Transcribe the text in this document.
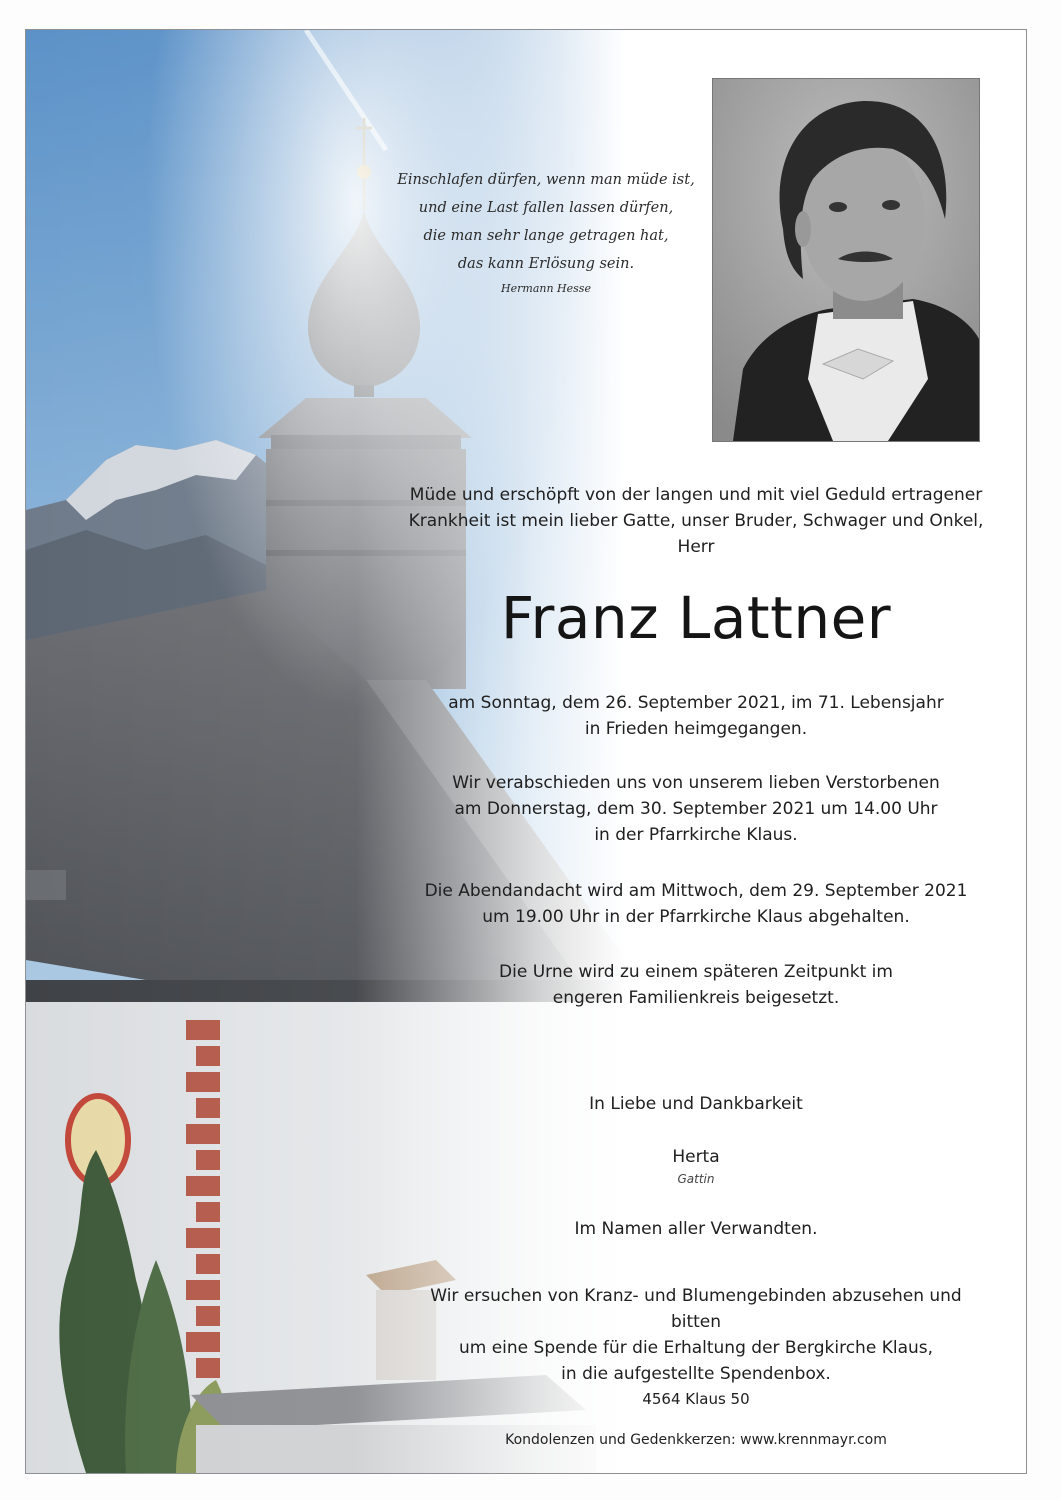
Einschlafen dürfen, wenn man müde ist,
und eine Last fallen lassen dürfen,
die man sehr lange getragen hat,
das kann Erlösung sein.
Hermann Hesse
Müde und erschöpft von der langen und mit viel Geduld ertragener
Krankheit ist mein lieber Gatte, unser Bruder, Schwager und Onkel,
Herr
Franz Lattner
am Sonntag, dem 26. September 2021, im 71. Lebensjahr
in Frieden heimgegangen.
Wir verabschieden uns von unserem lieben Verstorbenen
am Donnerstag, dem 30. September 2021 um 14.00 Uhr
in der Pfarrkirche Klaus.
Die Abendandacht wird am Mittwoch, dem 29. September 2021
um 19.00 Uhr in der Pfarrkirche Klaus abgehalten.
Die Urne wird zu einem späteren Zeitpunkt im
engeren Familienkreis beigesetzt.
In Liebe und Dankbarkeit
Herta
Gattin
Im Namen aller Verwandten.
Wir ersuchen von Kranz- und Blumengebinden abzusehen und bitten
um eine Spende für die Erhaltung der Bergkirche Klaus,
in die aufgestellte Spendenbox.
4564 Klaus 50
Kondolenzen und Gedenkkerzen: www.krennmayr.com
